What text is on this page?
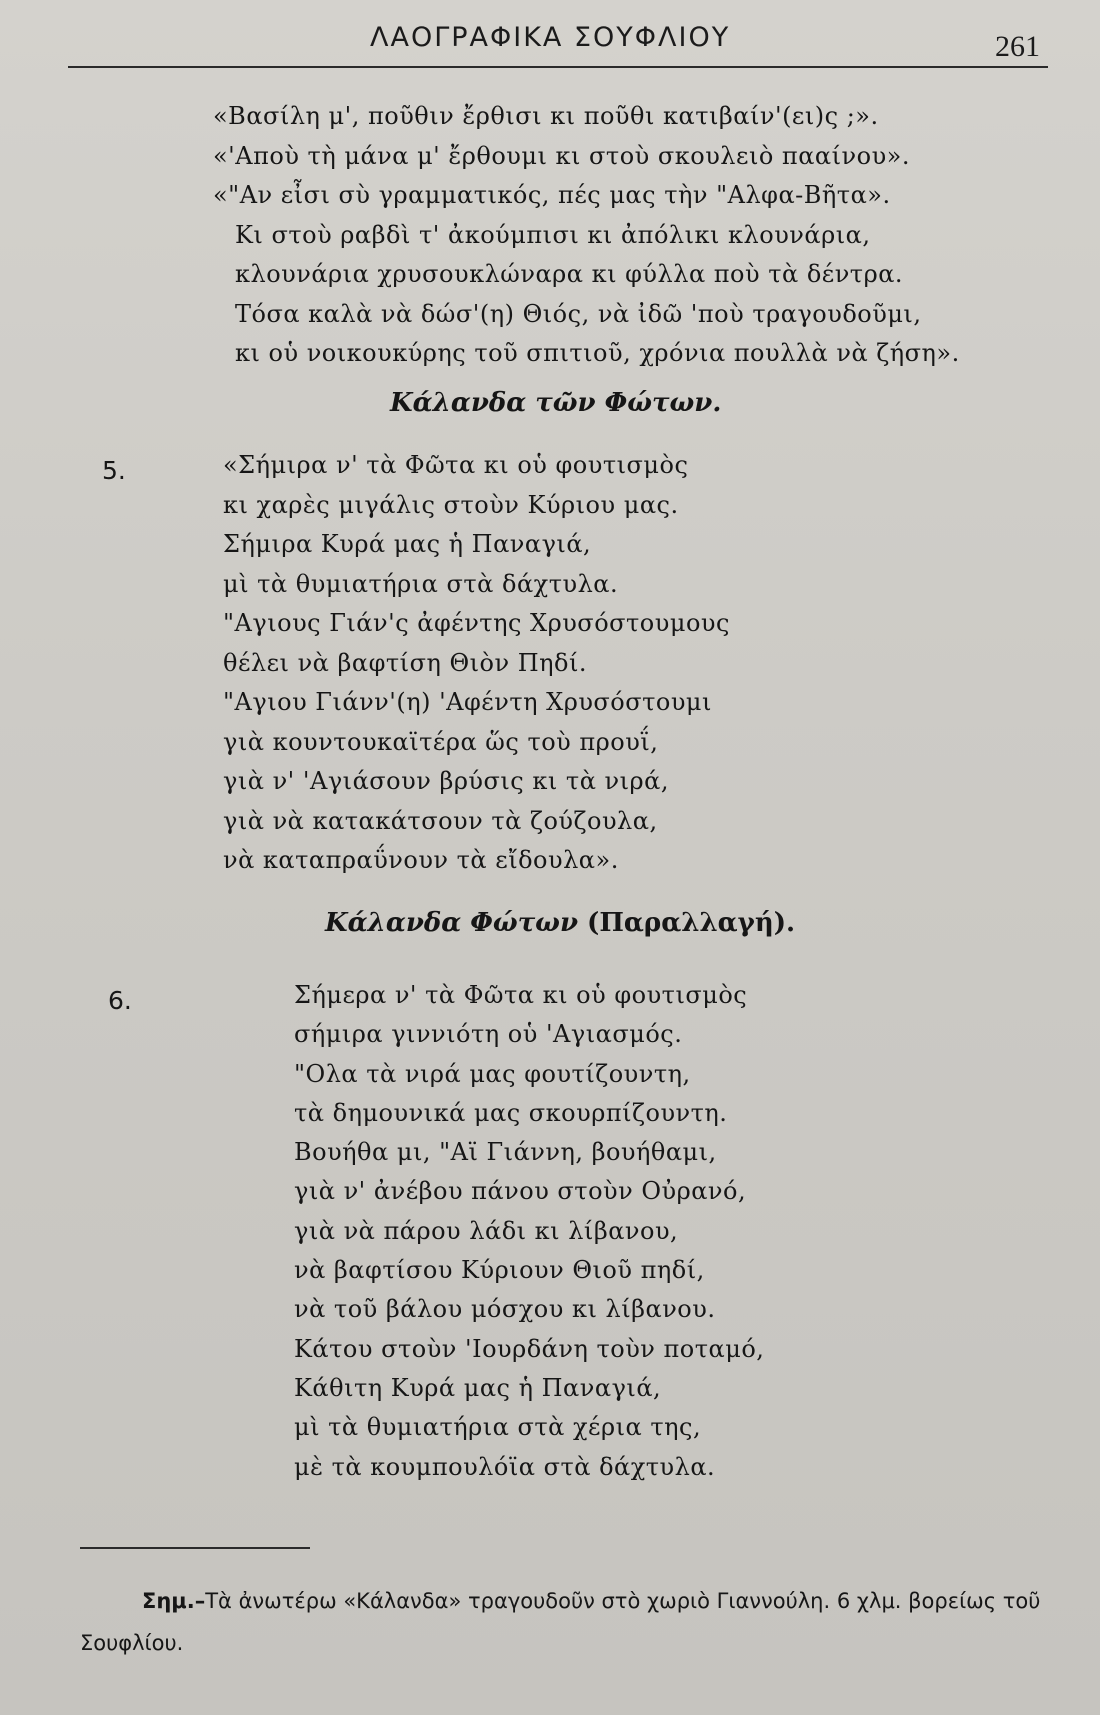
ΛΑΟΓΡΑΦΙΚΑ ΣΟΥΦΛΙΟΥ	261
«Βασίλη μ', ποῦθιν ἔρθισι κι ποῦθι κατιβαίν'(ει)ς ;».
«'Αποὺ τὴ μάνα μ' ἔρθουμι κι στοὺ σκουλειὸ πααίνου».
«"Αν εἶσι σὺ γραμματικός, πές μας τὴν "Αλφα-Βῆτα».
Κι στοὺ ραβδὶ τ' ἀκούμπισι κι ἀπόλικι κλουνάρια,
κλουνάρια χρυσουκλώναρα κι φύλλα ποὺ τὰ δέντρα.
Τόσα καλὰ νὰ δώσ'(η) Θιός, νὰ ἰδῶ 'ποὺ τραγουδοῦμι,
κι οὑ νοικουκύρης τοῦ σπιτιοῦ, χρόνια πουλλὰ νὰ ζήση».
Κάλανδα τῶν Φώτων.
5.	«Σήμιρα ν' τὰ Φῶτα κι οὑ φουτισμὸς
κι χαρὲς μιγάλις στοὺν Κύριου μας.
Σήμιρα Κυρά μας ἡ Παναγιά,
μὶ τὰ θυμιατήρια στὰ δάχτυλα.
"Αγιους Γιάν'ς ἀφέντης Χρυσόστουμους
θέλει νὰ βαφτίση Θιὸν Πηδί.
"Αγιου Γιάνν'(η) 'Αφέντη Χρυσόστουμι
γιὰ κουντουκαϊτέρα ὥς τοὺ προυΐ,
γιὰ ν' 'Αγιάσουν βρύσις κι τὰ νιρά,
γιὰ νὰ κατακάτσουν τὰ ζούζουλα,
νὰ καταπραΰνουν τὰ εἴδουλα».
Κάλανδα Φώτων (Παραλλαγή).
6.	Σήμερα ν' τὰ Φῶτα κι οὑ φουτισμὸς
σήμιρα γιννιότη οὑ 'Αγιασμός.
"Ολα τὰ νιρά μας φουτίζουντη,
τὰ δημουνικά μας σκουρπίζουντη.
Βουήθα μι, "Αϊ Γιάννη, βουήθαμι,
γιὰ ν' ἀνέβου πάνου στοὺν Οὐρανό,
γιὰ νὰ πάρου λάδι κι λίβανου,
νὰ βαφτίσου Κύριουν Θιοῦ πηδί,
νὰ τοῦ βάλου μόσχου κι λίβανου.
Κάτου στοὺν 'Ιουρδάνη τοὺν ποταμό,
Κάθιτη Κυρά μας ἡ Παναγιά,
μὶ τὰ θυμιατήρια στὰ χέρια της,
μὲ τὰ κουμπουλόϊα στὰ δάχτυλα.
Σημ.–Τὰ ἀνωτέρω «Κάλανδα» τραγουδοῦν στὸ χωριὸ Γιαννούλη. 6 χλμ. βορείως τοῦ Σουφλίου.
